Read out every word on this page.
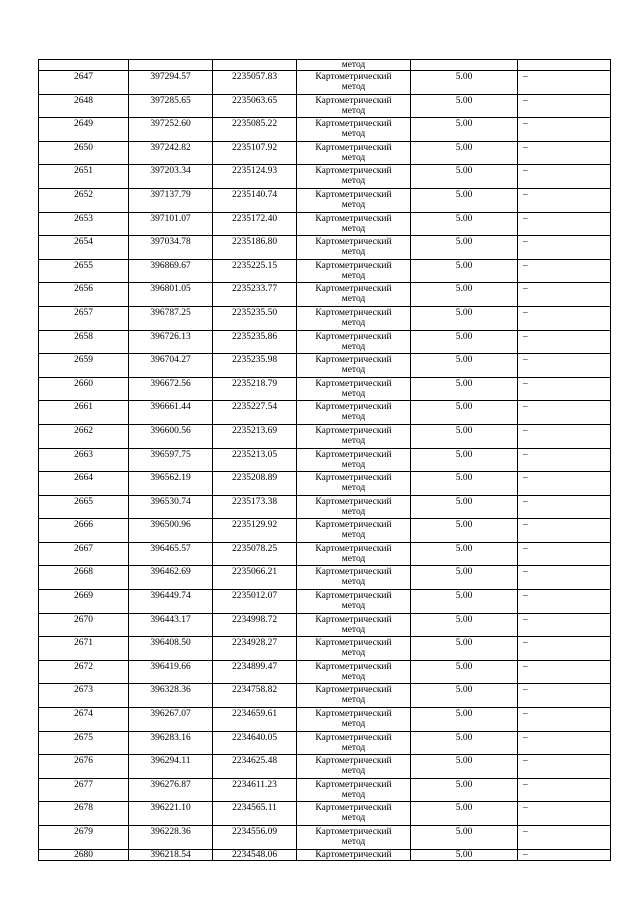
			метод		
2647	397294.57	2235057.83	Картометрический
метод	5.00	–
2648	397285.65	2235063.65	Картометрический
метод	5.00	–
2649	397252.60	2235085.22	Картометрический
метод	5.00	–
2650	397242.82	2235107.92	Картометрический
метод	5.00	–
2651	397203.34	2235124.93	Картометрический
метод	5.00	–
2652	397137.79	2235140.74	Картометрический
метод	5.00	–
2653	397101.07	2235172.40	Картометрический
метод	5.00	–
2654	397034.78	2235186.80	Картометрический
метод	5.00	–
2655	396869.67	2235225.15	Картометрический
метод	5.00	–
2656	396801.05	2235233.77	Картометрический
метод	5.00	–
2657	396787.25	2235235.50	Картометрический
метод	5.00	–
2658	396726.13	2235235.86	Картометрический
метод	5.00	–
2659	396704.27	2235235.98	Картометрический
метод	5.00	–
2660	396672.56	2235218.79	Картометрический
метод	5.00	–
2661	396661.44	2235227.54	Картометрический
метод	5.00	–
2662	396600.56	2235213.69	Картометрический
метод	5.00	–
2663	396597.75	2235213.05	Картометрический
метод	5.00	–
2664	396562.19	2235208.89	Картометрический
метод	5.00	–
2665	396530.74	2235173.38	Картометрический
метод	5.00	–
2666	396500.96	2235129.92	Картометрический
метод	5.00	–
2667	396465.57	2235078.25	Картометрический
метод	5.00	–
2668	396462.69	2235066.21	Картометрический
метод	5.00	–
2669	396449.74	2235012.07	Картометрический
метод	5.00	–
2670	396443.17	2234998.72	Картометрический
метод	5.00	–
2671	396408.50	2234928.27	Картометрический
метод	5.00	–
2672	396419.66	2234899.47	Картометрический
метод	5.00	–
2673	396328.36	2234758.82	Картометрический
метод	5.00	–
2674	396267.07	2234659.61	Картометрический
метод	5.00	–
2675	396283.16	2234640.05	Картометрический
метод	5.00	–
2676	396294.11	2234625.48	Картометрический
метод	5.00	–
2677	396276.87	2234611.23	Картометрический
метод	5.00	–
2678	396221.10	2234565.11	Картометрический
метод	5.00	–
2679	396228.36	2234556.09	Картометрический
метод	5.00	–
2680	396218.54	2234548.06	Картометрический	5.00	–
